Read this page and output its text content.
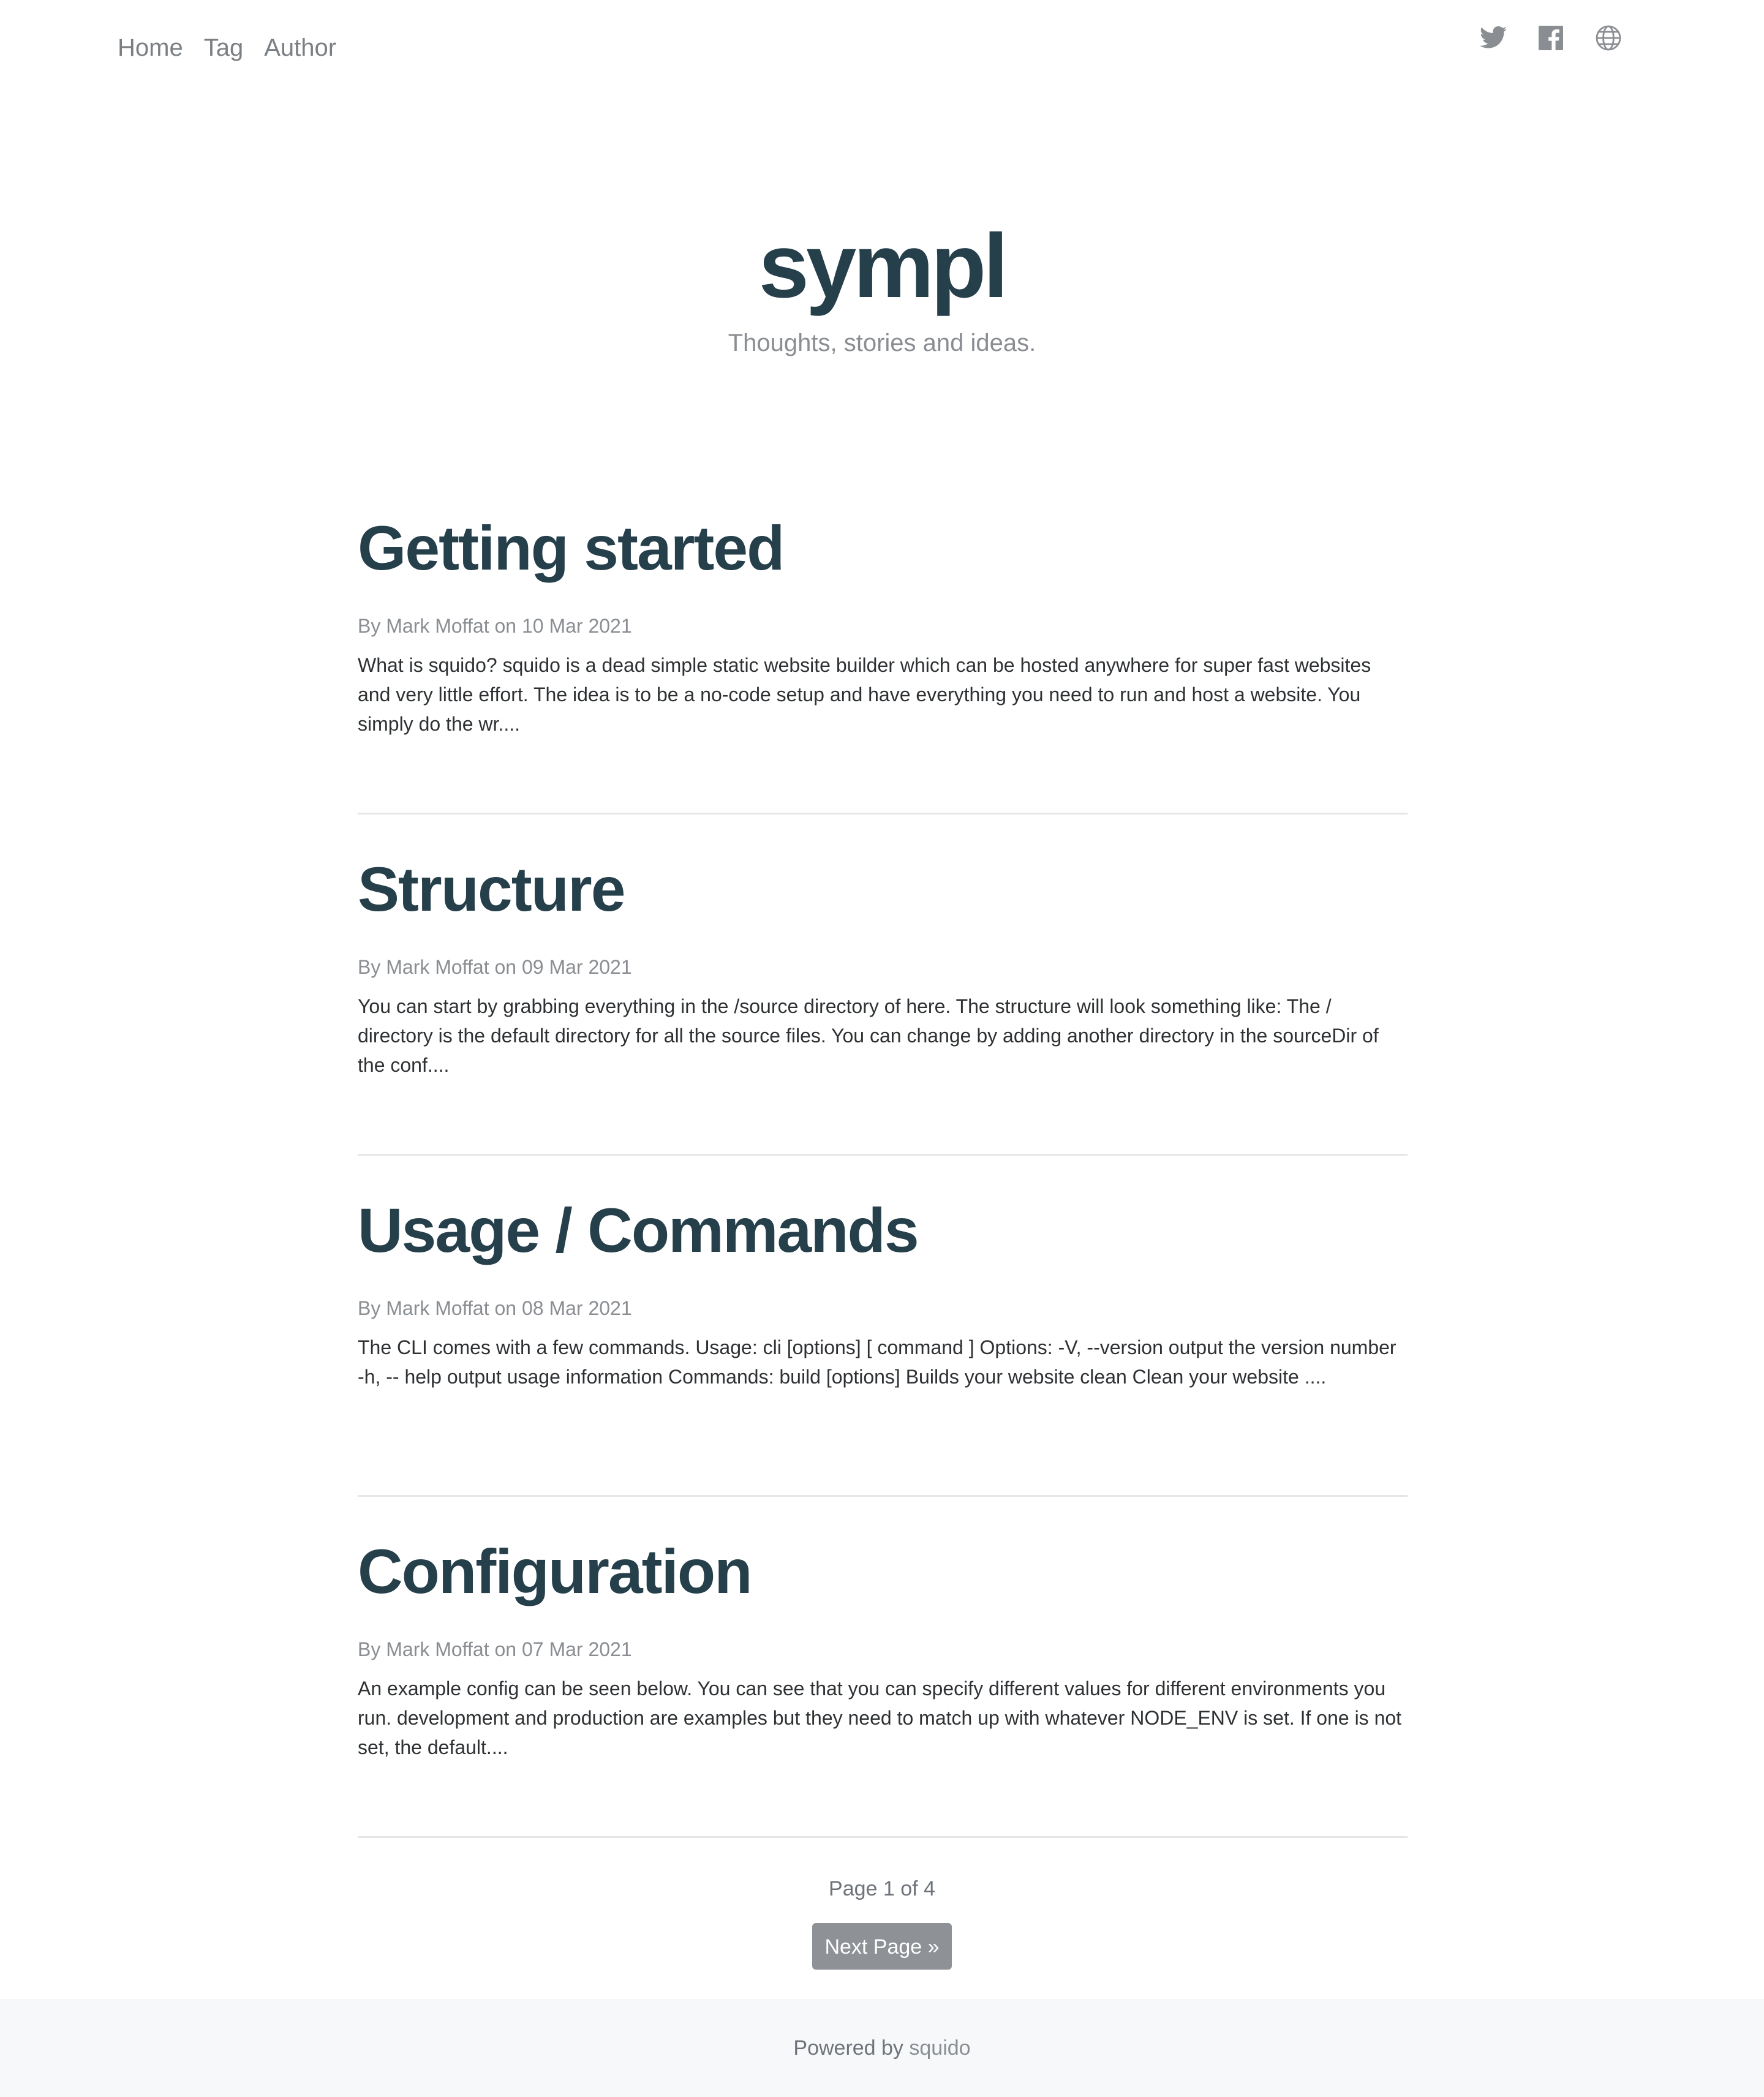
Home Tag Author
sympl

Thoughts, stories and ideas.

Getting started
By Mark Moffat on 10 Mar 2021
What is squido? squido is a dead simple static website builder which can be hosted anywhere for super fast websites and very little effort. The idea is to be a no-code setup and have everything you need to run and host a website. You simply do the wr....
Structure
By Mark Moffat on 09 Mar 2021
You can start by grabbing everything in the /source directory of here. The structure will look something like: The / directory is the default directory for all the source files. You can change by adding another directory in the sourceDir of the conf....
Usage / Commands
By Mark Moffat on 08 Mar 2021
The CLI comes with a few commands. Usage: cli [options] [ command ] Options: -V, --version output the version number -h, -- help output usage information Commands: build [options] Builds your website clean Clean your website ....
Configuration
By Mark Moffat on 07 Mar 2021
An example config can be seen below. You can see that you can specify different values for different environments you run. development and production are examples but they need to match up with whatever NODE_ENV is set. If one is not set, the default....
Page 1 of 4
Next Page »
Powered by squido
